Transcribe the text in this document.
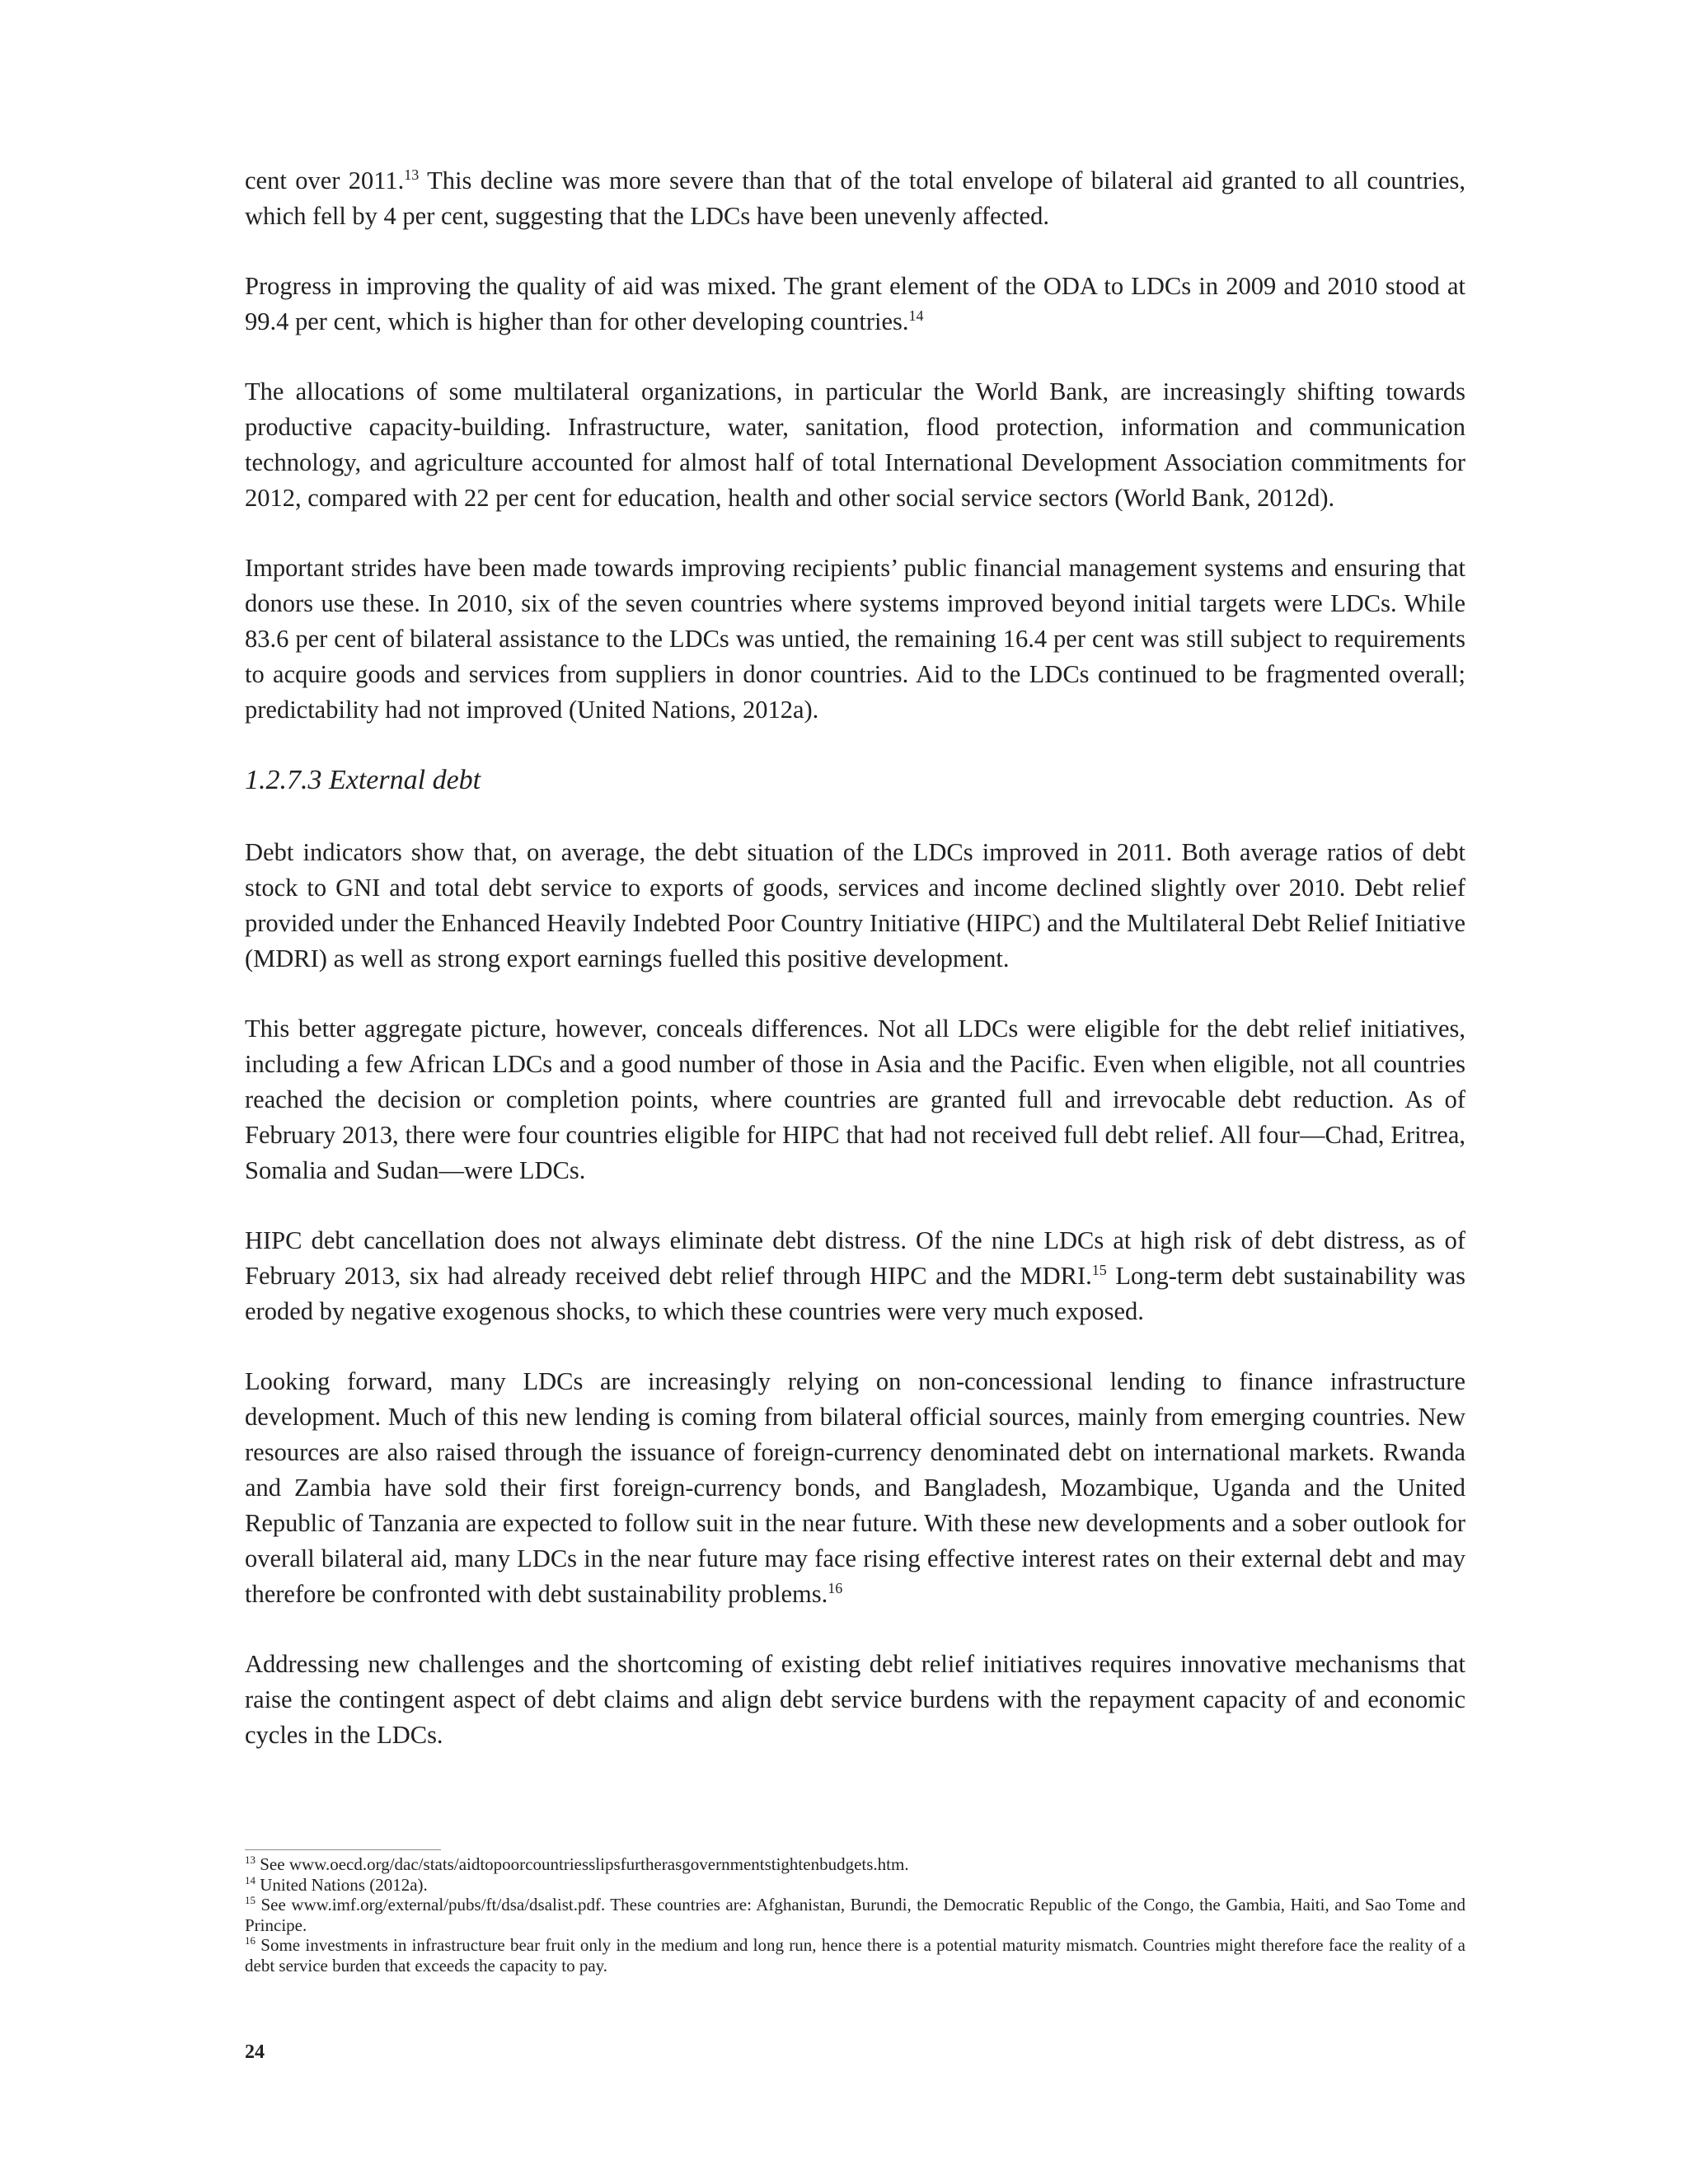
cent over 2011.13 This decline was more severe than that of the total envelope of bilateral aid granted to all countries, which fell by 4 per cent, suggesting that the LDCs have been unevenly affected.

Progress in improving the quality of aid was mixed. The grant element of the ODA to LDCs in 2009 and 2010 stood at 99.4 per cent, which is higher than for other developing countries.$^{14}$

The allocations of some multilateral organizations, in particular the World Bank, are increasingly shifting towards productive capacity-building. Infrastructure, water, sanitation, flood protection, information and communication technology, and agriculture accounted for almost half of total International Development Association commitments for 2012, compared with 22 per cent for education, health and other social service sectors (World Bank, 2012d).

Important strides have been made towards improving recipients’ public financial management systems and ensuring that donors use these. In 2010, six of the seven countries where systems improved beyond initial targets were LDCs. While 83.6 per cent of bilateral assistance to the LDCs was untied, the remaining 16.4 per cent was still subject to requirements to acquire goods and services from suppliers in donor countries. Aid to the LDCs continued to be fragmented overall; predictability had not improved (United Nations, 2012a).

1.2.7.3 External debt

Debt indicators show that, on average, the debt situation of the LDCs improved in 2011. Both average ratios of debt stock to GNI and total debt service to exports of goods, services and income declined slightly over 2010. Debt relief provided under the Enhanced Heavily Indebted Poor Country Initiative (HIPC) and the Multilateral Debt Relief Initiative (MDRI) as well as strong export earnings fuelled this positive development.

This better aggregate picture, however, conceals differences. Not all LDCs were eligible for the debt relief initiatives, including a few African LDCs and a good number of those in Asia and the Pacific. Even when eligible, not all countries reached the decision or completion points, where countries are granted full and irrevocable debt reduction. As of February 2013, there were four countries eligible for HIPC that had not received full debt relief. All four—Chad, Eritrea, Somalia and Sudan—were LDCs.

HIPC debt cancellation does not always eliminate debt distress. Of the nine LDCs at high risk of debt distress, as of February 2013, six had already received debt relief through HIPC and the MDRI.$^{15}$ Long-term debt sustainability was eroded by negative exogenous shocks, to which these countries were very much exposed.

Looking forward, many LDCs are increasingly relying on non-concessional lending to finance infrastructure development. Much of this new lending is coming from bilateral official sources, mainly from emerging countries. New resources are also raised through the issuance of foreign-currency denominated debt on international markets. Rwanda and Zambia have sold their first foreign-currency bonds, and Bangladesh, Mozambique, Uganda and the United Republic of Tanzania are expected to follow suit in the near future. With these new developments and a sober outlook for overall bilateral aid, many LDCs in the near future may face rising effective interest rates on their external debt and may therefore be confronted with debt sustainability problems.$^{16}$

Addressing new challenges and the shortcoming of existing debt relief initiatives requires innovative mechanisms that raise the contingent aspect of debt claims and align debt service burdens with the repayment capacity of and economic cycles in the LDCs.

$^{13}$ See www.oecd.org/dac/stats/aidtopoorcountriesslipsfurtherasgovernmentstightenbudgets.htm.

$^{14}$ United Nations (2012a).

$^{15}$ See www.imf.org/external/pubs/ft/dsa/dsalist.pdf. These countries are: Afghanistan, Burundi, the Democratic Republic of the Congo, the Gambia, Haiti, and Sao Tome and Principe.

$^{16}$ Some investments in infrastructure bear fruit only in the medium and long run, hence there is a potential maturity mismatch. Countries might therefore face the reality of a debt service burden that exceeds the capacity to pay.

24
